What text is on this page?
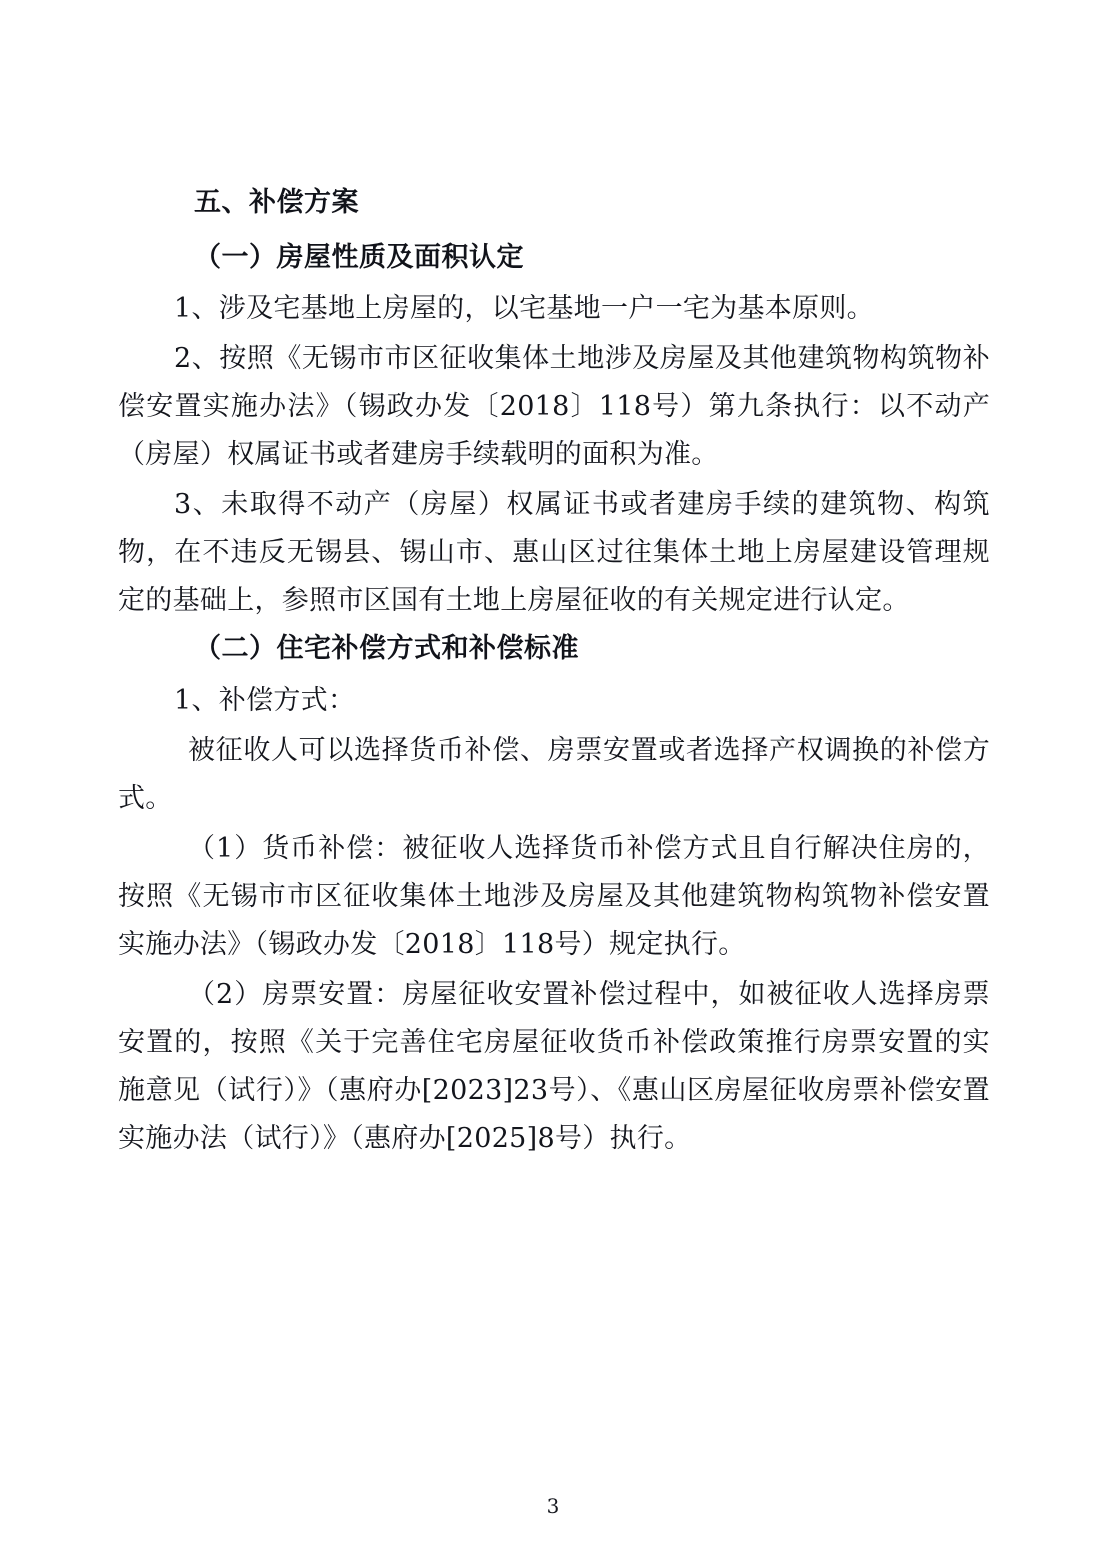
五、补偿方案
（一）房屋性质及面积认定

1、涉及宅基地上房屋的，以宅基地一户一宅为基本原则。

2、按照《无锡市市区征收集体土地涉及房屋及其他建筑物构筑物补偿安置实施办法》（锡政办发〔2018〕118号）第九条执行：以不动产（房屋）权属证书或者建房手续载明的面积为准。

3、未取得不动产（房屋）权属证书或者建房手续的建筑物、构筑物，在不违反无锡县、锡山市、惠山区过往集体土地上房屋建设管理规定的基础上，参照市区国有土地上房屋征收的有关规定进行认定。

（二）住宅补偿方式和补偿标准

1、补偿方式：

被征收人可以选择货币补偿、房票安置或者选择产权调换的补偿方式。

（1）货币补偿：被征收人选择货币补偿方式且自行解决住房的，按照《无锡市市区征收集体土地涉及房屋及其他建筑物构筑物补偿安置实施办法》（锡政办发〔2018〕118号）规定执行。

（2）房票安置：房屋征收安置补偿过程中，如被征收人选择房票安置的，按照《关于完善住宅房屋征收货币补偿政策推行房票安置的实施意见（试行）》（惠府办[2023]23号）、《惠山区房屋征收房票补偿安置实施办法（试行）》（惠府办[2025]8号）执行。

3
